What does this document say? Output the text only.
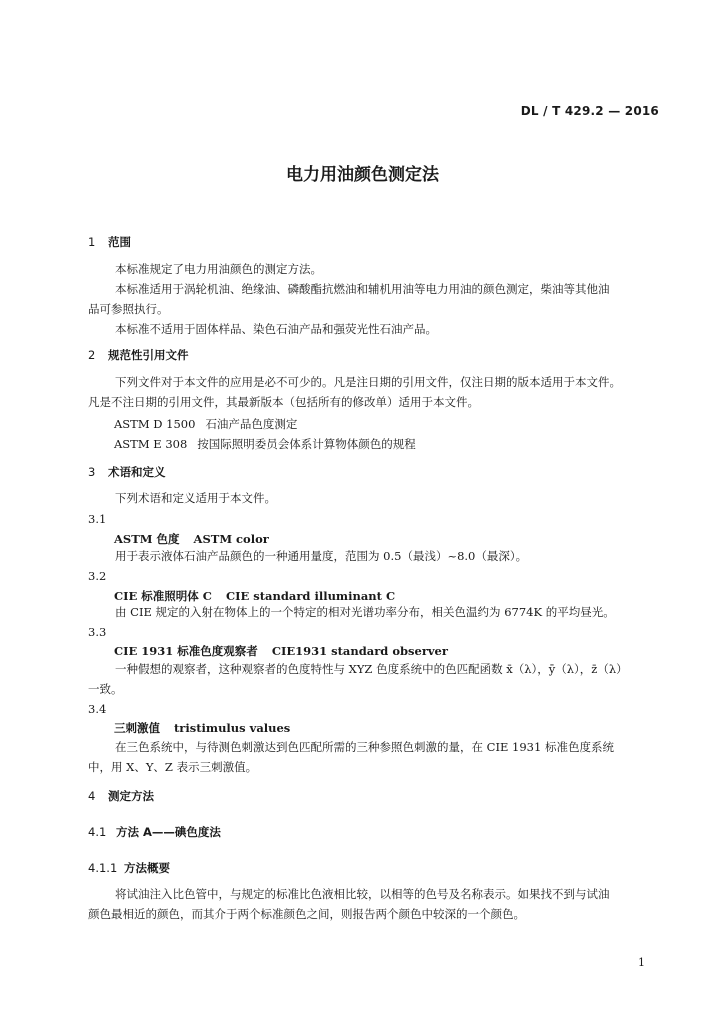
DL / T 429.2 — 2016
电力用油颜色测定法
1 范围

本标准规定了电力用油颜色的测定方法。

本标准适用于涡轮机油、绝缘油、磷酸酯抗燃油和辅机用油等电力用油的颜色测定，柴油等其他油

品可参照执行。

本标准不适用于固体样品、染色石油产品和强荧光性石油产品。

2 规范性引用文件

下列文件对于本文件的应用是必不可少的。凡是注日期的引用文件，仅注日期的版本适用于本文件。

凡是不注日期的引用文件，其最新版本（包括所有的修改单）适用于本文件。

ASTM D 1500 石油产品色度测定
ASTM E 308 按国际照明委员会体系计算物体颜色的规程
3 术语和定义
下列术语和定义适用于本文件。
3.1
ASTM 色度 ASTM color
用于表示液体石油产品颜色的一种通用量度，范围为 0.5（最浅）~8.0（最深）。
3.2
CIE 标准照明体 C CIE standard illuminant C
由 CIE 规定的入射在物体上的一个特定的相对光谱功率分布，相关色温约为 6774K 的平均昼光。
3.3
CIE 1931 标准色度观察者 CIE1931 standard observer

一种假想的观察者，这种观察者的色度特性与 XYZ 色度系统中的色匹配函数 x̄（λ），ȳ（λ），z̄（λ）

一致。

3.4
三刺激值 tristimulus values

在三色系统中，与待测色刺激达到色匹配所需的三种参照色刺激的量，在 CIE 1931 标准色度系统

中，用 X、Y、Z 表示三刺激值。

4 测定方法
4.1 方法 A——碘色度法
4.1.1 方法概要

将试油注入比色管中，与规定的标准比色液相比较，以相等的色号及名称表示。如果找不到与试油

颜色最相近的颜色，而其介于两个标准颜色之间，则报告两个颜色中较深的一个颜色。

1
